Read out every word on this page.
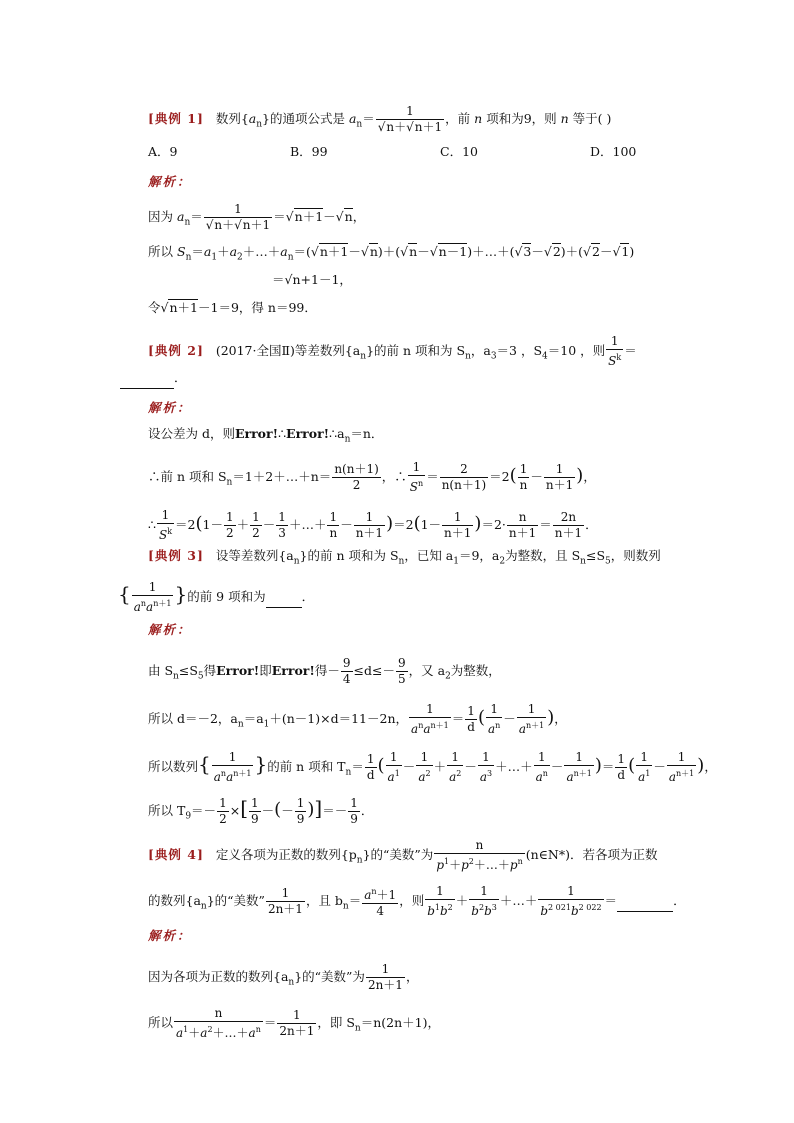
[典例 1] 数列$\{a_n\}$的通项公式是 $a_n= \frac{1}{√n+√n+1}$ ，前 n 项和为9，则 n 等于( )
A．9	B．99	C．10	D．100
解析：
因为 $a_n= \frac{1}{√n+√n+1} =√n+1-√n$，
所以 $S_n=a_1+a_2+\dots+a_n=(√n+1-√n)+(√n-√n-1)+\dots+(√3-√2)+(√2-√1)$
＝√n+1－1，
令√n＋1－1＝9，得 n＝99．
[典例 2] (2017·全国Ⅱ)等差数列$\{a_n\}$的前 n 项和为 $S_n$，$a_3=3$ ，$S_4=10$ ，则 $\frac{1}{S^k}$ ＝
．
解析：
设公差为 d，则$Error!\therefore Error!\therefore a_n=n$．
∴前 n 项和 $S_n=1+2+\dots+n= \frac{n(n+1)}{2}$ ，∴ $\frac{1}{S^n} = \frac{2}{n(n+1)} =2( \frac{1}{n} - \frac{1}{n+1}$ )，
∴ $\frac{1}{S^k} =2(1- \frac{1}{2} + \frac{1}{2} - \frac{1}{3}$ ＋…＋ $\frac{1}{n} - \frac{1}{n+1} )=2(1- \frac{1}{n+1} )=2\cdot \frac{n}{n+1} = \frac{2n}{n+1}$ ．
[典例 3] 设等差数列$\{a_n\}$的前 n 项和为 $S_n$，已知 $a_1=9$，$a_2$为整数，且 $S_n\le S_5$，则数列
{ $\frac{1}{a^na^{n+1}}$ }的前 9 项和为	．
解析：
由 $S_n\le S_5$得Error!即Error!得－ $\frac{9}{4} \le d\le- \frac{9}{5}$ ，又 $a_2$为整数，
所以 d＝－2，$a_n=a_1+(n-1)\times d=11-2n$， $\frac{1}{a^na^{n+1}} = \frac{1}{d}$ ( $\frac{1}{a^n} - \frac{1}{a^{n+1}}$ )，
所以数列{ $\frac{1}{a^na^{n+1}}$ }的前 n 项和 $T_n= \frac{1}{d}$ ( $\frac{1}{a^1} - \frac{1}{a^2} + \frac{1}{a^2} - \frac{1}{a^3}$ ＋…＋ $\frac{1}{a^n} - \frac{1}{a^{n+1}}$ )＝ $\frac{1}{d}$ ( $\frac{1}{a^1} - \frac{1}{a^{n+1}}$ )，
所以 $T_9=- \frac{1}{2}$ ×[ $\frac{1}{9}$ －(－ $\frac{1}{9}$ )]＝－ $\frac{1}{9}$ ．
[典例 4] 定义各项为正数的数列$\{p_n\}$的“美数”为 $\frac{n}{p^1+p^2+\dots+p^n}$ (n∈N*)．若各项为正数
的数列$\{a_n\}$的“美数” $\frac{1}{2n+1}$ ，且 $b_n= \frac{a^n+1}{4}$ ，则 $\frac{1}{b^1b^2} + \frac{1}{b^2b^3}$ ＋…＋ $\frac{1}{b^{2 021}b^{2 022}}$ ＝	．
解析：
因为各项为正数的数列$\{a_n\}$的“美数”为 $\frac{1}{2n+1}$ ，
所以 $\frac{n}{a^1+a^2+\dots+a^n} = \frac{1}{2n+1}$ ，即 $S_n=n(2n+1)$，
